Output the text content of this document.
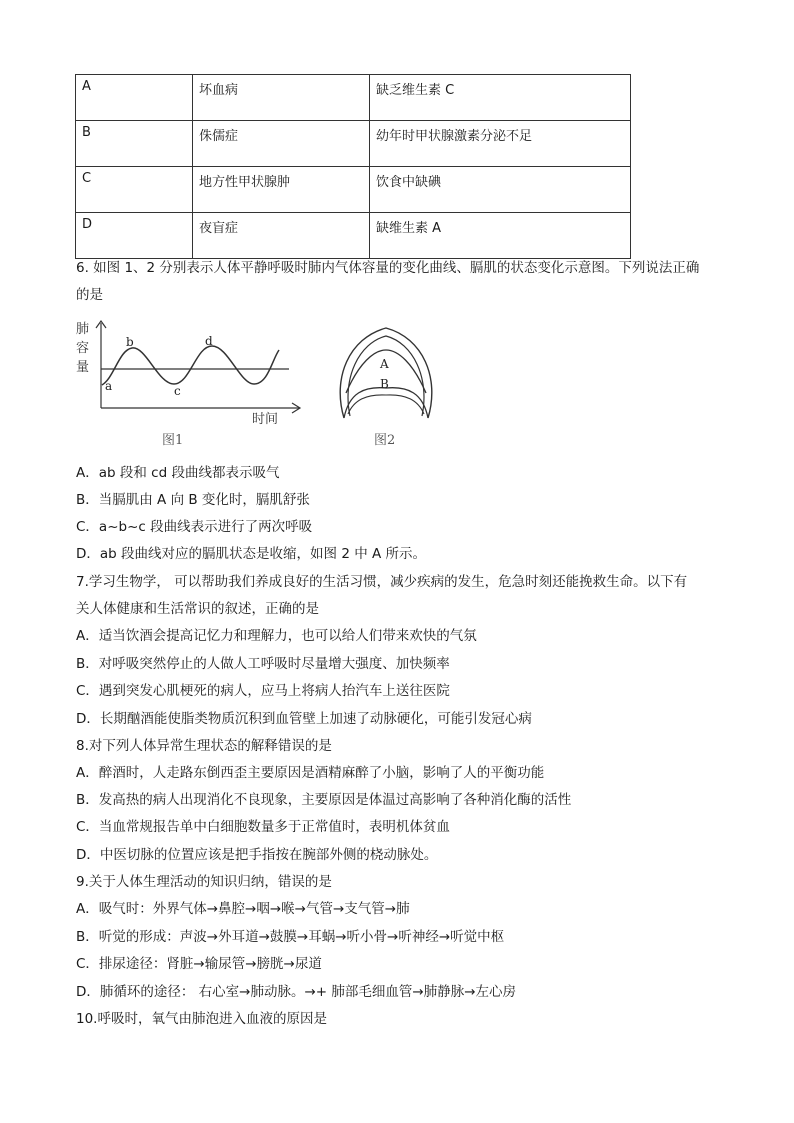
A	坏血病	缺乏维生素 C
B	侏儒症	幼年时甲状腺激素分泌不足
C	地方性甲状腺肿	饮食中缺碘
D	夜盲症	缺维生素 A
6. 如图 1、2 分别表示人体平静呼吸时肺内气体容量的变化曲线、膈肌的状态变化示意图。下列说法正确
的是
肺
容
量
a
b
c
d
时间
图1
A
B
图2
A．ab 段和 cd 段曲线都表示吸气
B．当膈肌由 A 向 B 变化时，膈肌舒张
C．a~b~c 段曲线表示进行了两次呼吸
D．ab 段曲线对应的膈肌状态是收缩，如图 2 中 A 所示。
7.学习生物学， 可以帮助我们养成良好的生活习惯，减少疾病的发生，危急时刻还能挽救生命。以下有
关人体健康和生活常识的叙述，正确的是
A．适当饮酒会提高记忆力和理解力，也可以给人们带来欢快的气氛
B．对呼吸突然停止的人做人工呼吸时尽量增大强度、加快频率
C．遇到突发心肌梗死的病人，应马上将病人抬汽车上送往医院
D．长期酗酒能使脂类物质沉积到血管壁上加速了动脉硬化，可能引发冠心病
8.对下列人体异常生理状态的解释错误的是
A．醉酒时，人走路东倒西歪主要原因是酒精麻醉了小脑，影响了人的平衡功能
B．发高热的病人出现消化不良现象，主要原因是体温过高影响了各种消化酶的活性
C．当血常规报告单中白细胞数量多于正常值时，表明机体贫血
D．中医切脉的位置应该是把手指按在腕部外侧的桡动脉处。
9.关于人体生理活动的知识归纳，错误的是
A．吸气时：外界气体→鼻腔→咽→喉→气管→支气管→肺
B．听觉的形成：声波→外耳道→鼓膜→耳蜗→听小骨→听神经→听觉中枢
C．排尿途径：肾脏→输尿管→膀胱→尿道
D．肺循环的途径： 右心室→肺动脉。→+ 肺部毛细血管→肺静脉→左心房
10.呼吸时，氧气由肺泡进入血液的原因是
